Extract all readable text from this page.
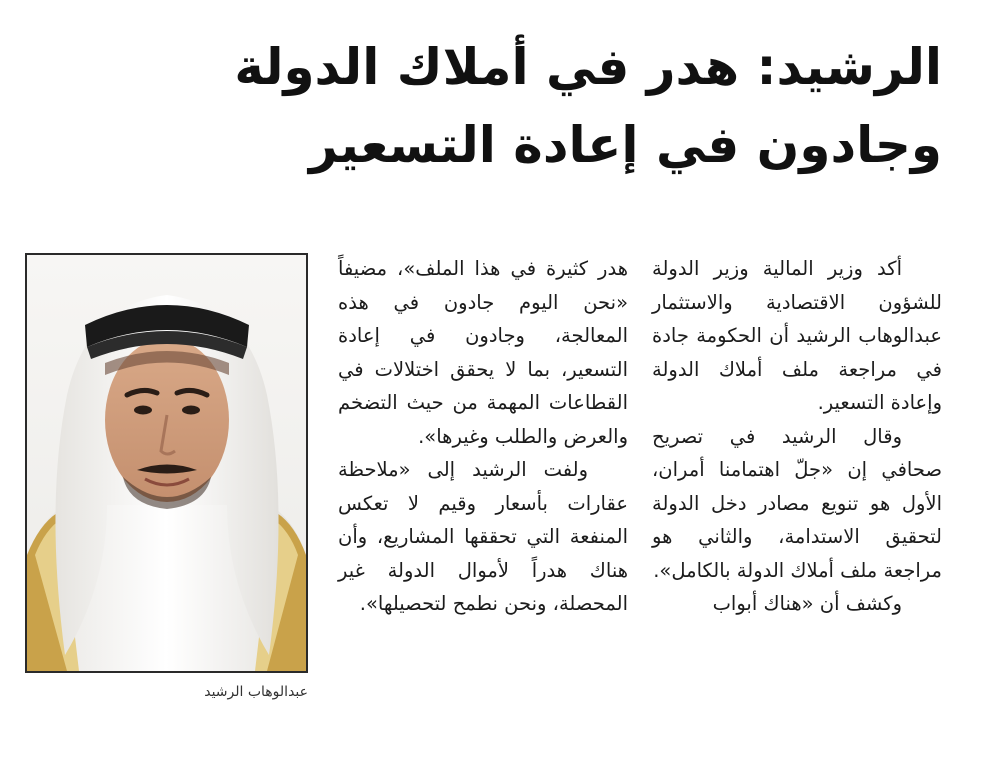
الرشيد: هدر في أملاك الدولة
وجادون في إعادة التسعير

أكد وزير المالية وزير الدولة للشؤون الاقتصادية والاستثمار عبدالوهاب الرشيد أن الحكومة جادة في مراجعة ملف أملاك الدولة وإعادة التسعير.

وقال الرشيد في تصريح صحافي إن «جلّ اهتمامنا أمران، الأول هو تنويع مصادر دخل الدولة لتحقيق الاستدامة، والثاني هو مراجعة ملف أملاك الدولة بالكامل».

وكشف أن «هناك أبواب

هدر كثيرة في هذا الملف»، مضيفاً «نحن اليوم جادون في هذه المعالجة، وجادون في إعادة التسعير، بما لا يحقق اختلالات في القطاعات المهمة من حيث التضخم والعرض والطلب وغيرها».

ولفت الرشيد إلى «ملاحظة عقارات بأسعار وقيم لا تعكس المنفعة التي تحققها المشاريع، وأن هناك هدراً لأموال الدولة غير المحصلة، ونحن نطمح لتحصيلها».

عبدالوهاب الرشيد
